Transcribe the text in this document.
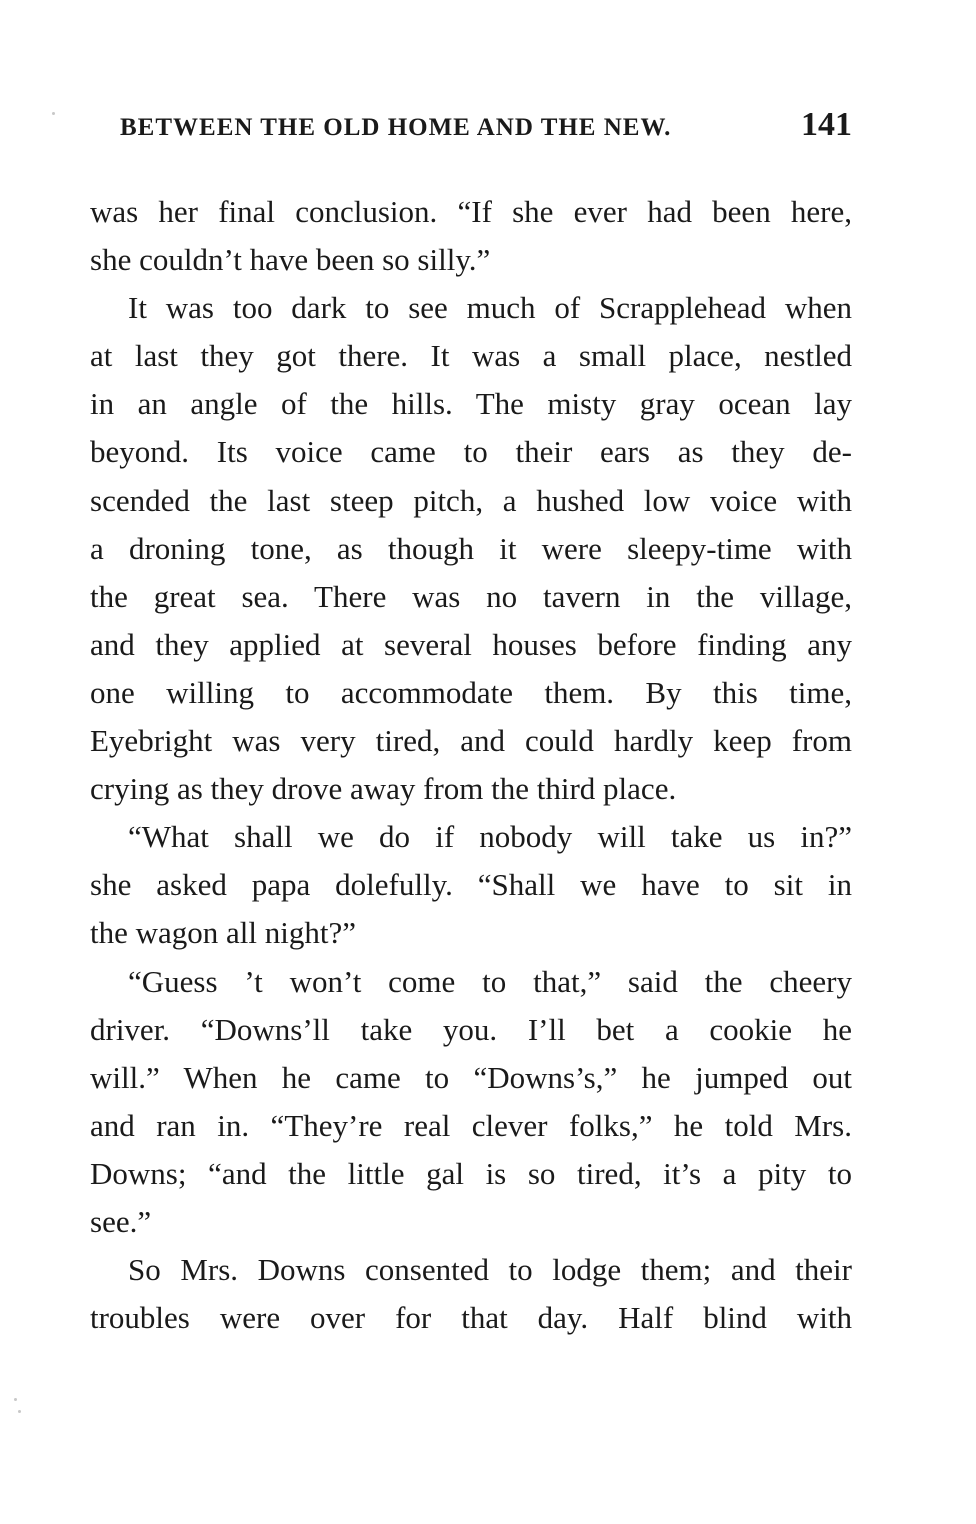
BETWEEN THE OLD HOME AND THE NEW.	141
was her final conclusion. “If she ever had been here,
she couldn’t have been so silly.”
It was too dark to see much of Scrapplehead when
at last they got there. It was a small place, nestled
in an angle of the hills. The misty gray ocean lay
beyond. Its voice came to their ears as they de-
scended the last steep pitch, a hushed low voice with
a droning tone, as though it were sleepy-time with
the great sea. There was no tavern in the village,
and they applied at several houses before finding any
one willing to accommodate them. By this time,
Eyebright was very tired, and could hardly keep from
crying as they drove away from the third place.
“What shall we do if nobody will take us in?”
she asked papa dolefully. “Shall we have to sit in
the wagon all night?”
“Guess ’t won’t come to that,” said the cheery
driver. “Downs’ll take you. I’ll bet a cookie he
will.” When he came to “Downs’s,” he jumped out
and ran in. “They’re real clever folks,” he told Mrs.
Downs; “and the little gal is so tired, it’s a pity to
see.”
So Mrs. Downs consented to lodge them; and their
troubles were over for that day. Half blind with
